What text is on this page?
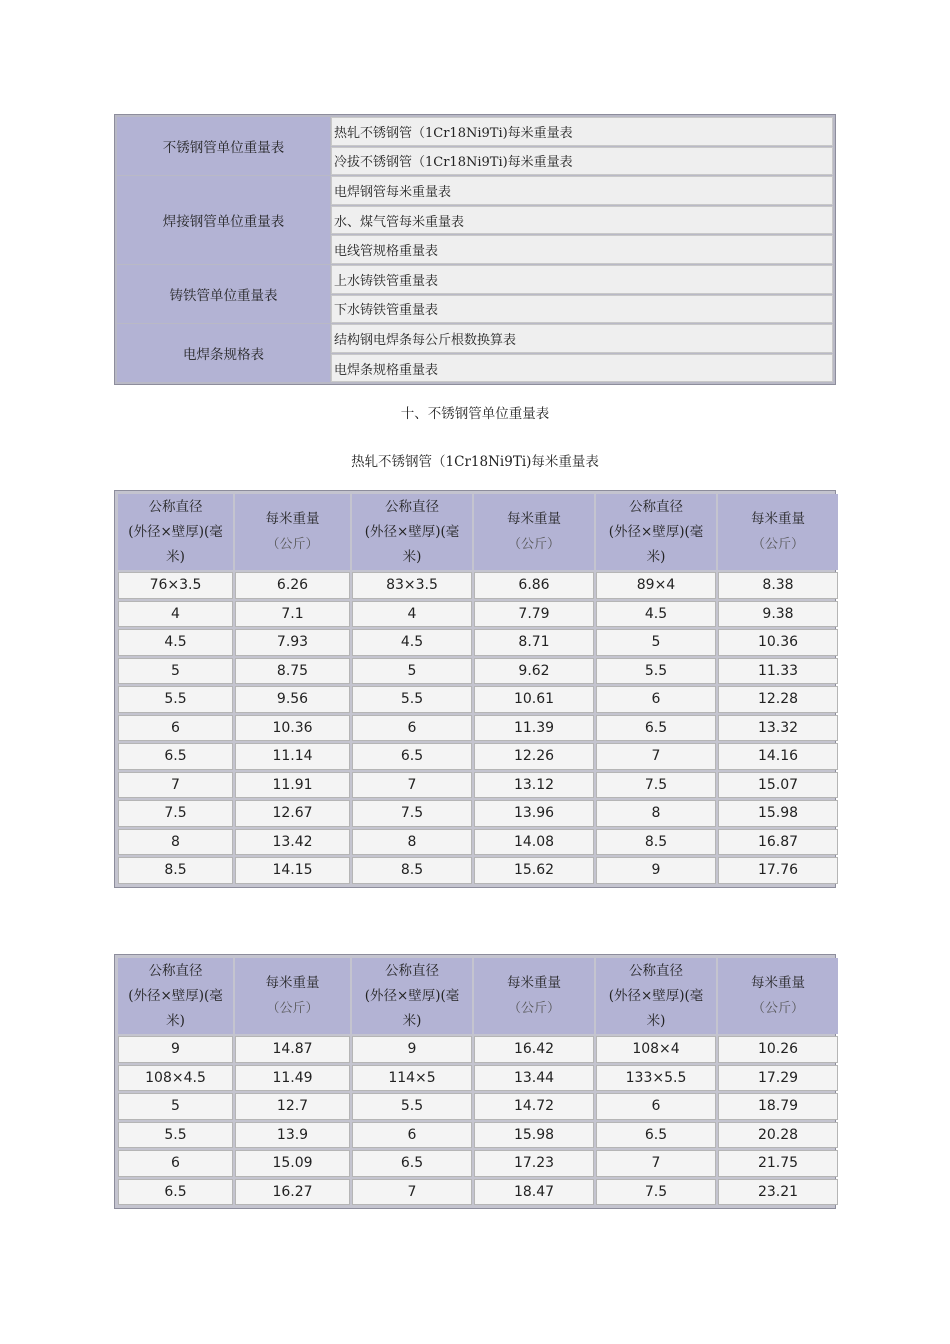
不锈钢管单位重量表	热轧不锈钢管（1Cr18Ni9Ti)每米重量表
	冷拔不锈钢管（1Cr18Ni9Ti)每米重量表
焊接钢管单位重量表	电焊钢管每米重量表
	水、煤气管每米重量表
	电线管规格重量表
铸铁管单位重量表	上水铸铁管重量表
	下水铸铁管重量表
电焊条规格表	结构钢电焊条每公斤根数换算表
	电焊条规格重量表
十、不锈钢管单位重量表
热轧不锈钢管（1Cr18Ni9Ti)每米重量表
公称直径
(外径×壁厚)(毫
米)	每米重量
（公斤）	公称直径
(外径×壁厚)(毫
米)	每米重量
（公斤）	公称直径
(外径×壁厚)(毫
米)	每米重量
（公斤）

76×3.5	6.26	83×3.5	6.86	89×4	8.38
4	7.1	4	7.79	4.5	9.38
4.5	7.93	4.5	8.71	5	10.36
5	8.75	5	9.62	5.5	11.33
5.5	9.56	5.5	10.61	6	12.28
6	10.36	6	11.39	6.5	13.32
6.5	11.14	6.5	12.26	7	14.16
7	11.91	7	13.12	7.5	15.07
7.5	12.67	7.5	13.96	8	15.98
8	13.42	8	14.08	8.5	16.87
8.5	14.15	8.5	15.62	9	17.76
公称直径
(外径×壁厚)(毫
米)	每米重量
（公斤）	公称直径
(外径×壁厚)(毫
米)	每米重量
（公斤）	公称直径
(外径×壁厚)(毫
米)	每米重量
（公斤）

9	14.87	9	16.42	108×4	10.26
108×4.5	11.49	114×5	13.44	133×5.5	17.29
5	12.7	5.5	14.72	6	18.79
5.5	13.9	6	15.98	6.5	20.28
6	15.09	6.5	17.23	7	21.75
6.5	16.27	7	18.47	7.5	23.21
